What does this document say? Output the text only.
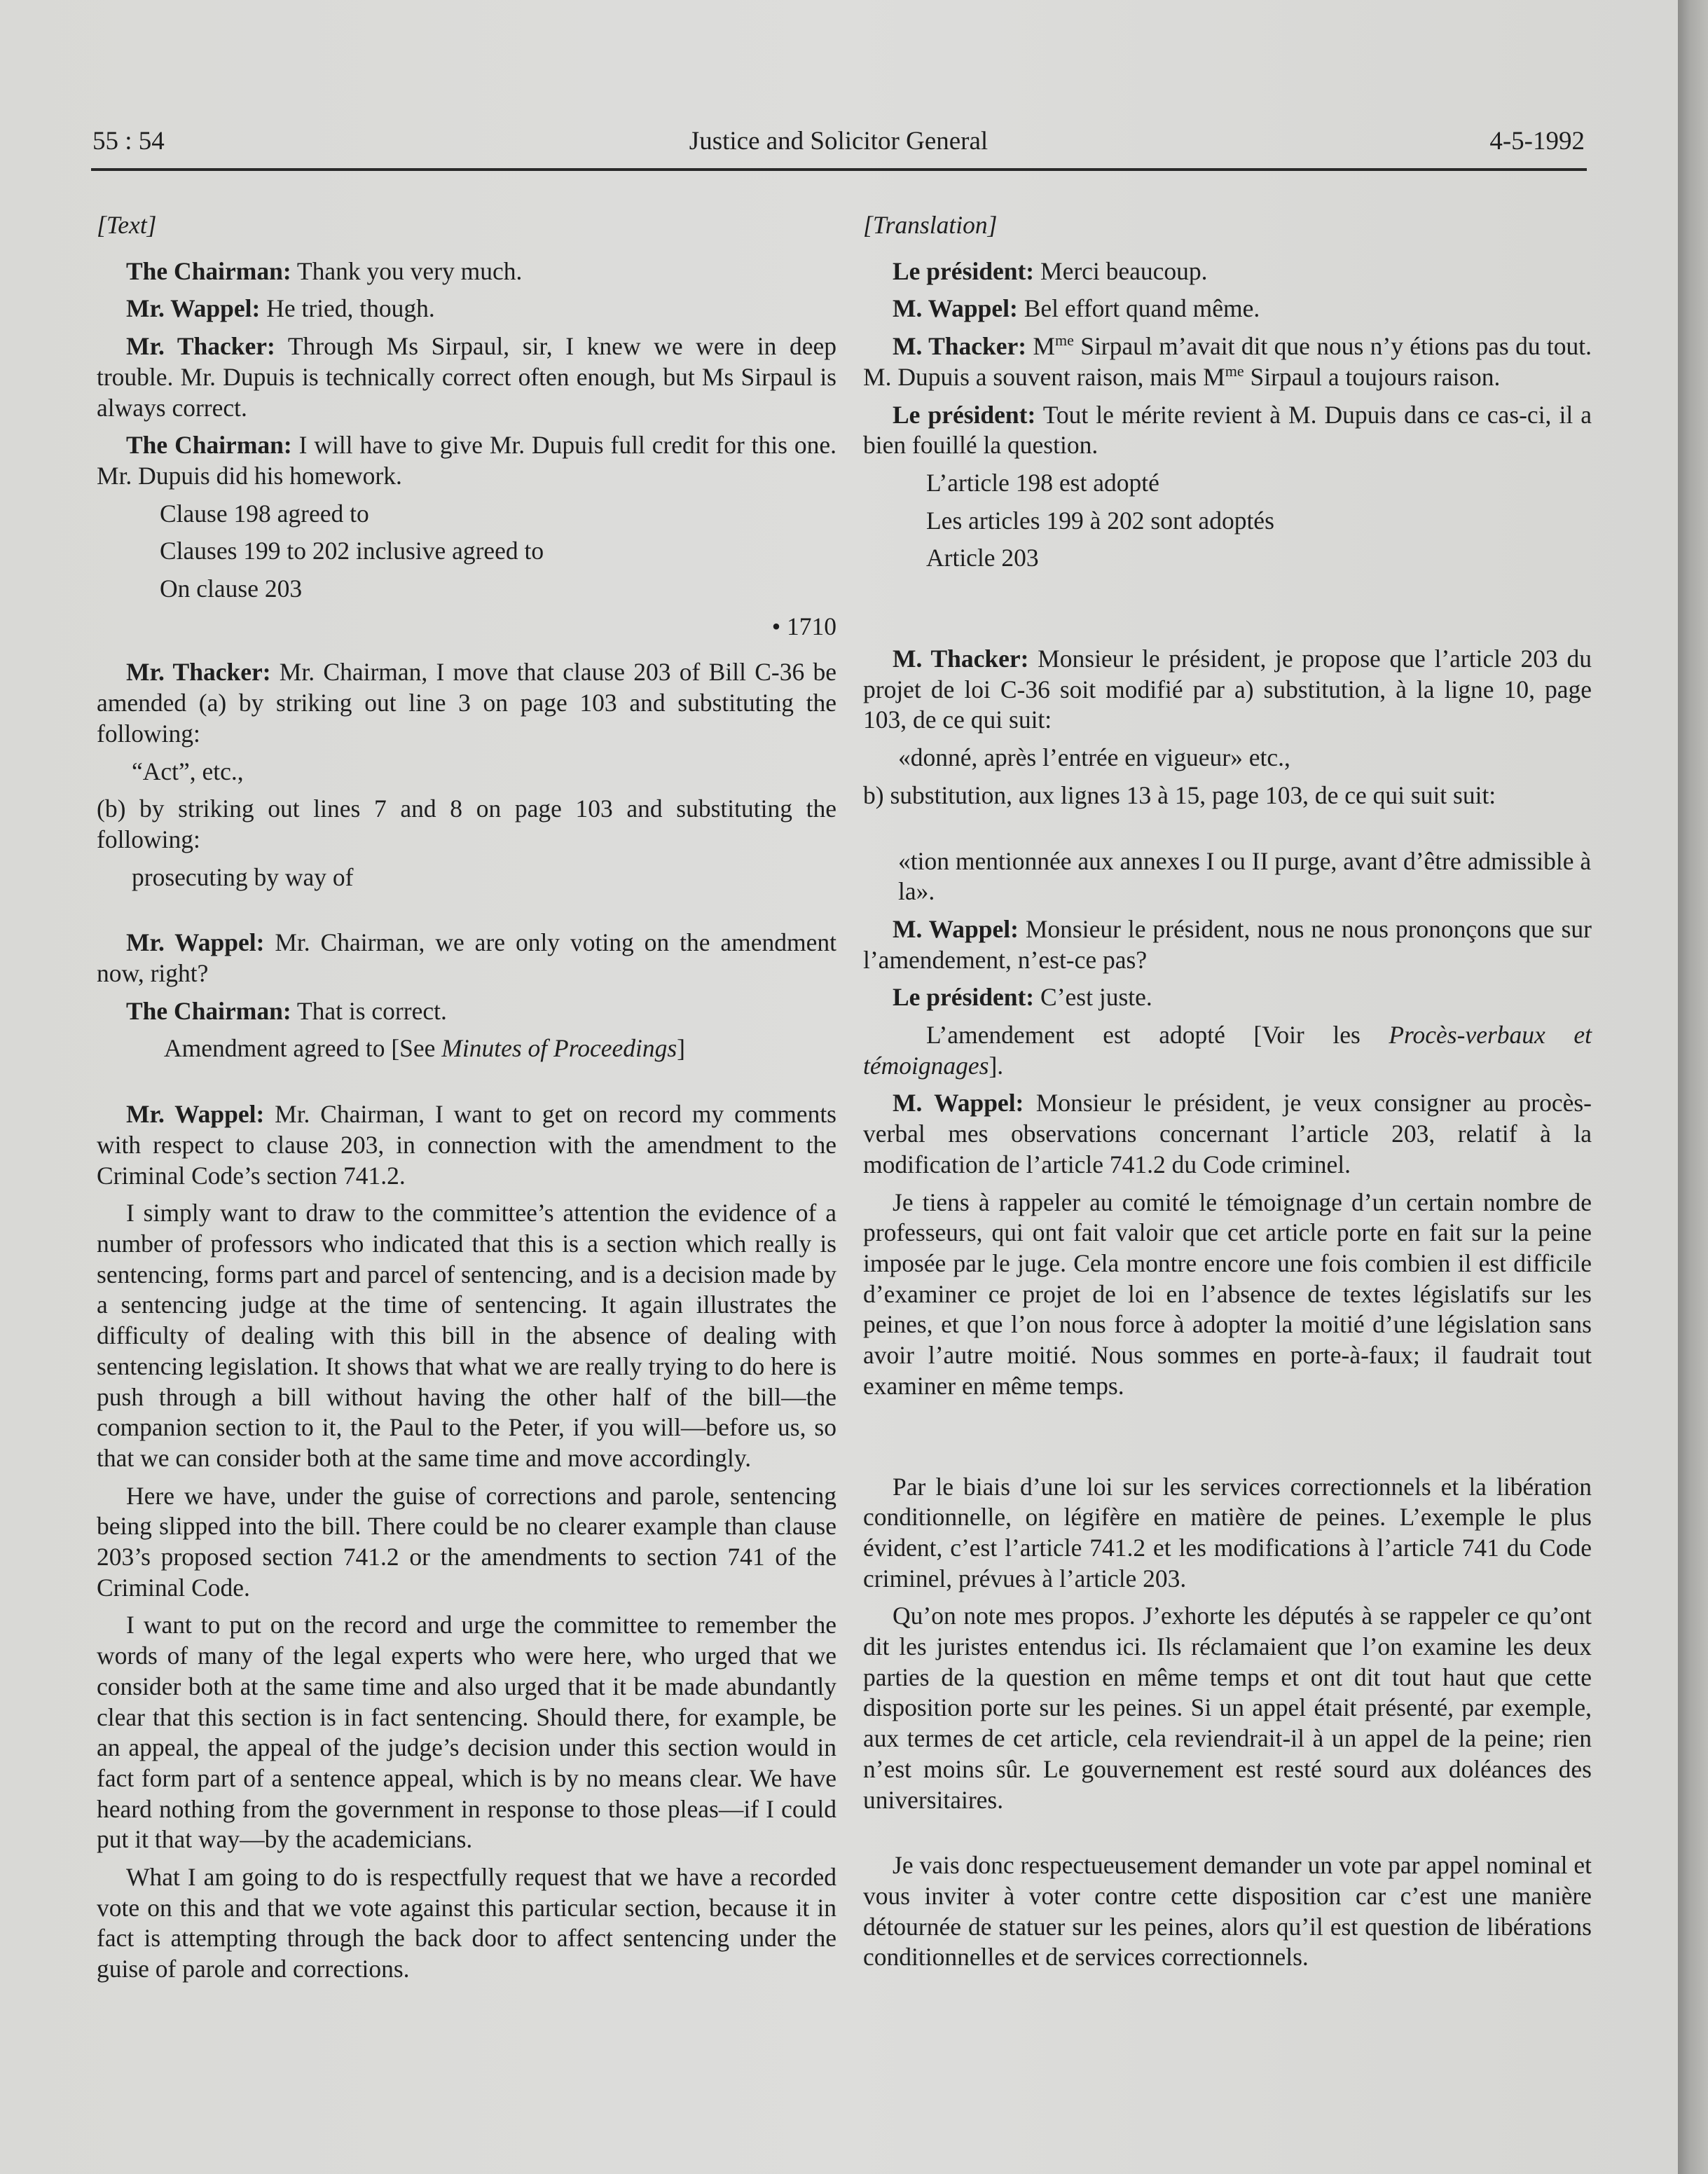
Justice and Solicitor General
55 : 54	4-5-1992

[Text]

The Chairman: Thank you very much.

Mr. Wappel: He tried, though.

Mr. Thacker: Through Ms Sirpaul, sir, I knew we were in deep trouble. Mr. Dupuis is technically correct often enough, but Ms Sirpaul is always correct.

The Chairman: I will have to give Mr. Dupuis full credit for this one. Mr. Dupuis did his homework.

Clause 198 agreed to

Clauses 199 to 202 inclusive agreed to

On clause 203

• 1710

Mr. Thacker: Mr. Chairman, I move that clause 203 of Bill C-36 be amended (a) by striking out line 3 on page 103 and substituting the following:

“Act”, etc.,

(b) by striking out lines 7 and 8 on page 103 and substituting the following:

prosecuting by way of

Mr. Wappel: Mr. Chairman, we are only voting on the amendment now, right?

The Chairman: That is correct.

Amendment agreed to [See Minutes of Proceedings]

Mr. Wappel: Mr. Chairman, I want to get on record my comments with respect to clause 203, in connection with the amendment to the Criminal Code’s section 741.2.

I simply want to draw to the committee’s attention the evidence of a number of professors who indicated that this is a section which really is sentencing, forms part and parcel of sentencing, and is a decision made by a sentencing judge at the time of sentencing. It again illustrates the difficulty of dealing with this bill in the absence of dealing with sentencing legislation. It shows that what we are really trying to do here is push through a bill without having the other half of the bill—the companion section to it, the Paul to the Peter, if you will—before us, so that we can consider both at the same time and move accordingly.

Here we have, under the guise of corrections and parole, sentencing being slipped into the bill. There could be no clearer example than clause 203’s proposed section 741.2 or the amendments to section 741 of the Criminal Code.

I want to put on the record and urge the committee to remember the words of many of the legal experts who were here, who urged that we consider both at the same time and also urged that it be made abundantly clear that this section is in fact sentencing. Should there, for example, be an appeal, the appeal of the judge’s decision under this section would in fact form part of a sentence appeal, which is by no means clear. We have heard nothing from the government in response to those pleas—if I could put it that way—by the academicians.

What I am going to do is respectfully request that we have a recorded vote on this and that we vote against this particular section, because it in fact is attempting through the back door to affect sentencing under the guise of parole and corrections.

[Translation]

Le président: Merci beaucoup.

M. Wappel: Bel effort quand même.

M. Thacker: $M^{me}$ Sirpaul m’avait dit que nous n’y étions pas du tout. M. Dupuis a souvent raison, mais $M^{me}$ Sirpaul a toujours raison.

Le président: Tout le mérite revient à M. Dupuis dans ce cas-ci, il a bien fouillé la question.

L’article 198 est adopté

Les articles 199 à 202 sont adoptés

Article 203

M. Thacker: Monsieur le président, je propose que l’article 203 du projet de loi C-36 soit modifié par a) substitution, à la ligne 10, page 103, de ce qui suit:

«donné, après l’entrée en vigueur» etc.,

b) substitution, aux lignes 13 à 15, page 103, de ce qui suit suit:

«tion mentionnée aux annexes I ou II purge, avant d’être admissible à la».

M. Wappel: Monsieur le président, nous ne nous prononçons que sur l’amendement, n’est-ce pas?

Le président: C’est juste.

L’amendement est adopté [Voir les Procès-verbaux et témoignages].

M. Wappel: Monsieur le président, je veux consigner au procès-verbal mes observations concernant l’article 203, relatif à la modification de l’article 741.2 du Code criminel.

Je tiens à rappeler au comité le témoignage d’un certain nombre de professeurs, qui ont fait valoir que cet article porte en fait sur la peine imposée par le juge. Cela montre encore une fois combien il est difficile d’examiner ce projet de loi en l’absence de textes législatifs sur les peines, et que l’on nous force à adopter la moitié d’une législation sans avoir l’autre moitié. Nous sommes en porte-à-faux; il faudrait tout examiner en même temps.

Par le biais d’une loi sur les services correctionnels et la libération conditionnelle, on légifère en matière de peines. L’exemple le plus évident, c’est l’article 741.2 et les modifications à l’article 741 du Code criminel, prévues à l’article 203.

Qu’on note mes propos. J’exhorte les députés à se rappeler ce qu’ont dit les juristes entendus ici. Ils réclamaient que l’on examine les deux parties de la question en même temps et ont dit tout haut que cette disposition porte sur les peines. Si un appel était présenté, par exemple, aux termes de cet article, cela reviendrait-il à un appel de la peine; rien n’est moins sûr. Le gouvernement est resté sourd aux doléances des universitaires.

Je vais donc respectueusement demander un vote par appel nominal et vous inviter à voter contre cette disposition car c’est une manière détournée de statuer sur les peines, alors qu’il est question de libérations conditionnelles et de services correctionnels.
